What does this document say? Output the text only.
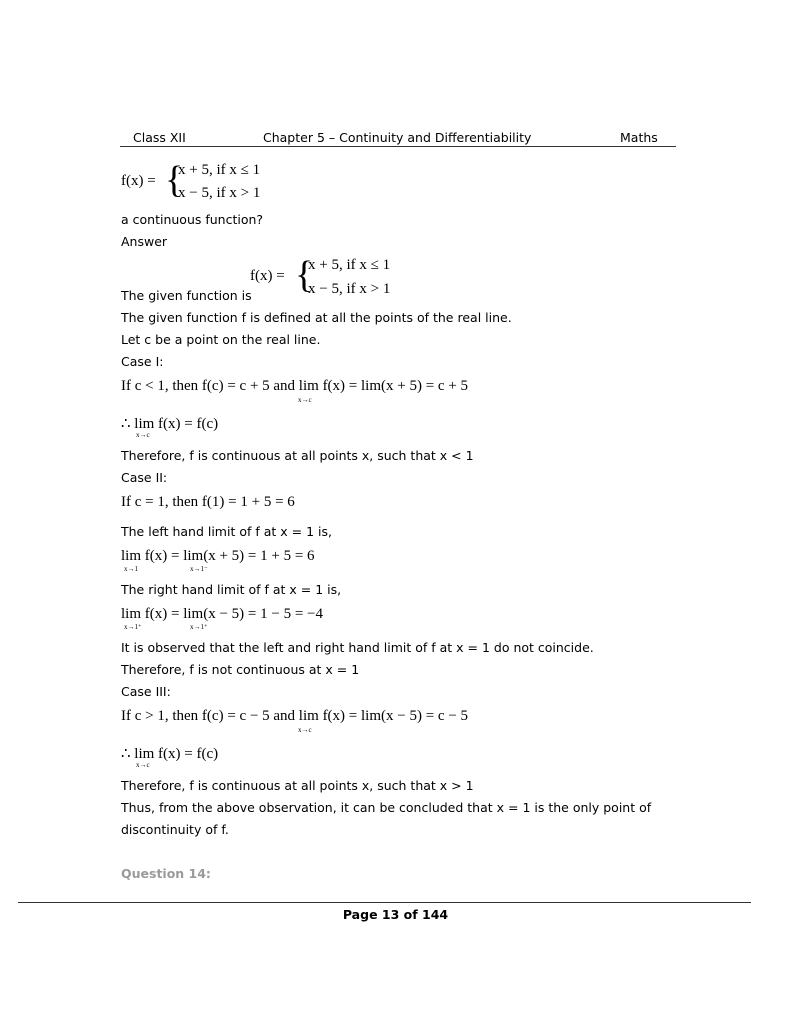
Class XII	Chapter 5 – Continuity and Differentiability	Maths
f(x) = {
x + 5, if x ≤ 1
x − 5, if x > 1
a continuous function?
Answer
f(x) = {
x + 5, if x ≤ 1
x − 5, if x > 1
The given function is
The given function f is defined at all the points of the real line.
Let c be a point on the real line.
Case I:
If c < 1, then f(c) = c + 5 and lim f(x) = lim(x + 5) = c + 5
x→c
∴ lim f(x) = f(c)
x→c
Therefore, f is continuous at all points x, such that x < 1
Case II:
If c = 1, then f(1) = 1 + 5 = 6
The left hand limit of f at x = 1 is,
lim f(x) = lim(x + 5) = 1 + 5 = 6
x→1	x→1⁻
The right hand limit of f at x = 1 is,
lim f(x) = lim(x − 5) = 1 − 5 = −4
x→1⁺	x→1⁺
It is observed that the left and right hand limit of f at x = 1 do not coincide.
Therefore, f is not continuous at x = 1
Case III:
If c > 1, then f(c) = c − 5 and lim f(x) = lim(x − 5) = c − 5
x→c
∴ lim f(x) = f(c)
x→c
Therefore, f is continuous at all points x, such that x > 1
Thus, from the above observation, it can be concluded that x = 1 is the only point of
discontinuity of f.
Question 14:
Page 13 of 144
